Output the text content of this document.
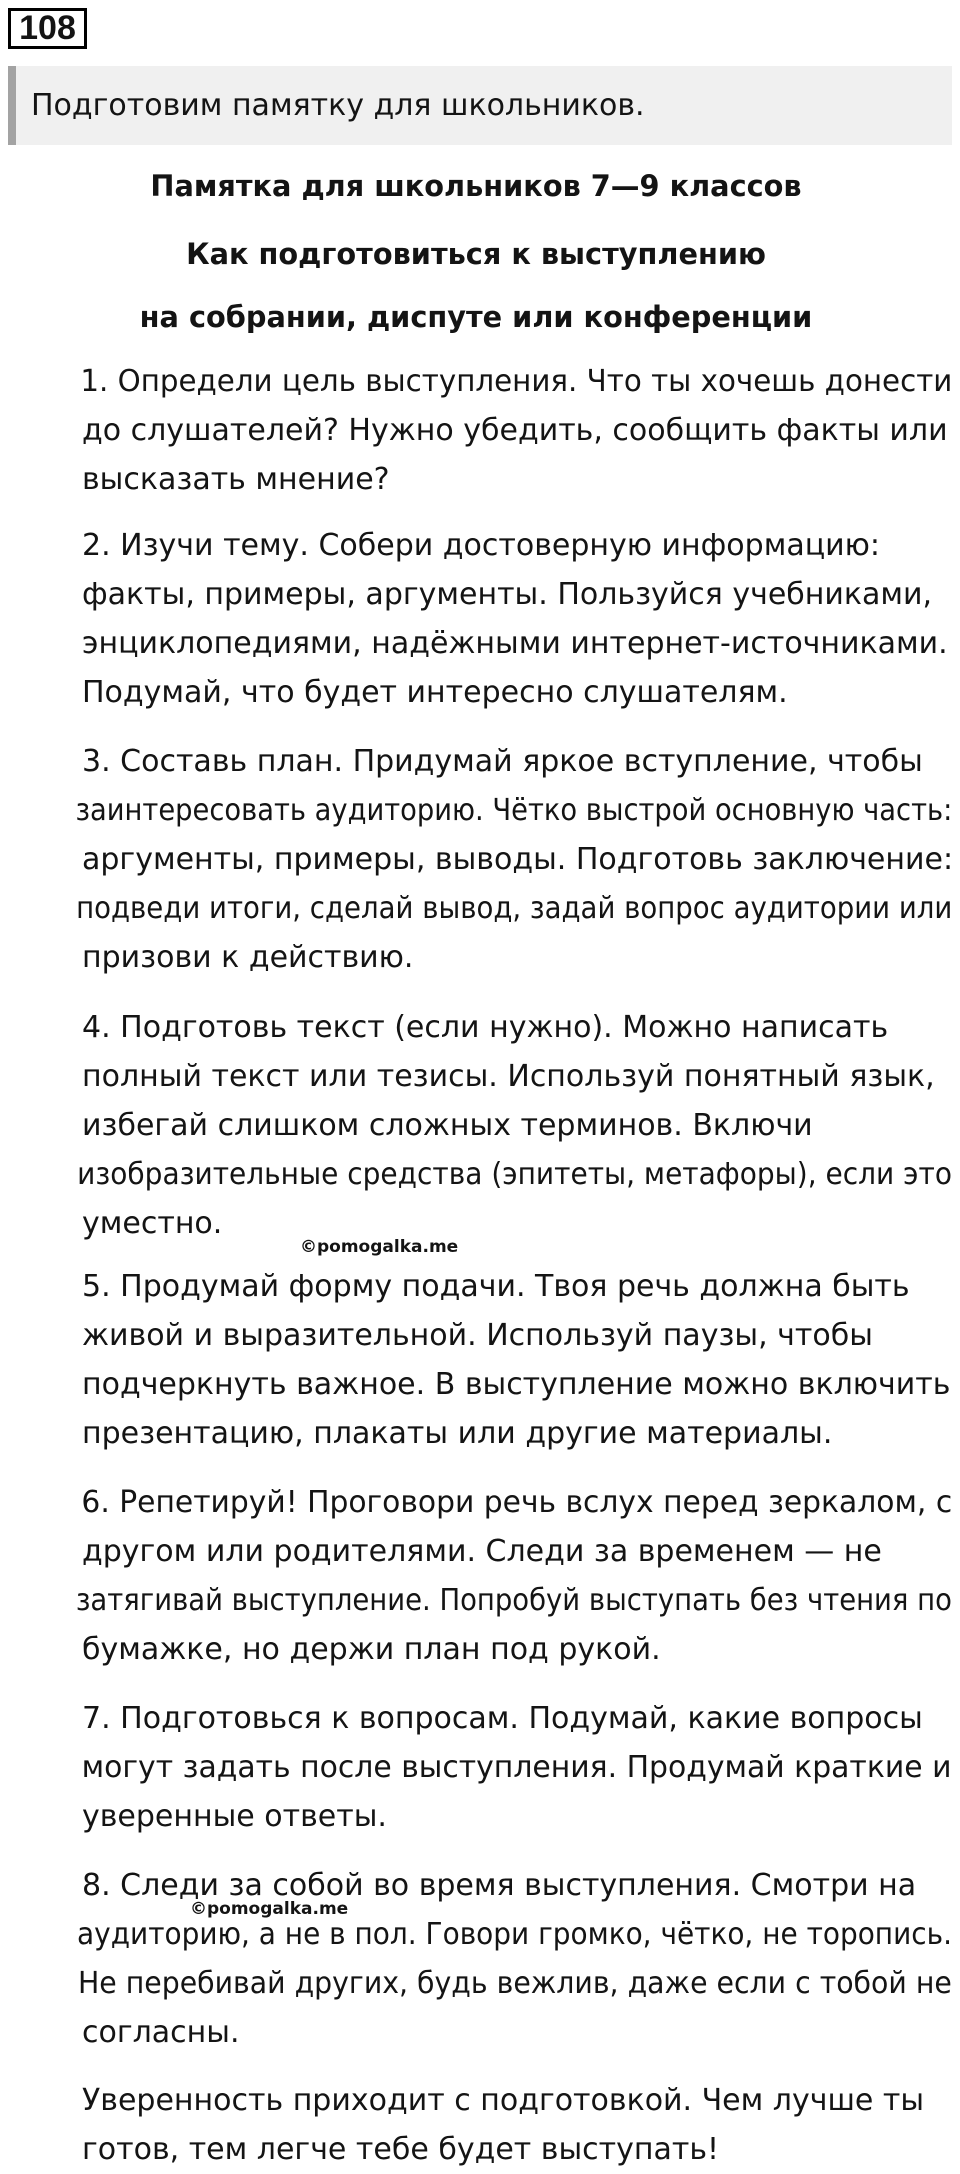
108
Подготовим памятку для школьников.
Памятка для школьников 7—9 классов
Как подготовиться к выступлению
на собрании, диспуте или конференции
1. Определи цель выступления. Что ты хочешь донести
до слушателей? Нужно убедить, сообщить факты или
высказать мнение?
2. Изучи тему. Собери достоверную информацию:
факты, примеры, аргументы. Пользуйся учебниками,
энциклопедиями, надёжными интернет-источниками.
Подумай, что будет интересно слушателям.
3. Составь план. Придумай яркое вступление, чтобы
заинтересовать аудиторию. Чётко выстрой основную часть:
аргументы, примеры, выводы. Подготовь заключение:
подведи итоги, сделай вывод, задай вопрос аудитории или
призови к действию.
4. Подготовь текст (если нужно). Можно написать
полный текст или тезисы. Используй понятный язык,
избегай слишком сложных терминов. Включи
изобразительные средства (эпитеты, метафоры), если это
уместно.
©pomogalka.me
5. Продумай форму подачи. Твоя речь должна быть
живой и выразительной. Используй паузы, чтобы
подчеркнуть важное. В выступление можно включить
презентацию, плакаты или другие материалы.
6. Репетируй! Проговори речь вслух перед зеркалом, с
другом или родителями. Следи за временем — не
затягивай выступление. Попробуй выступать без чтения по
бумажке, но держи план под рукой.
7. Подготовься к вопросам. Подумай, какие вопросы
могут задать после выступления. Продумай краткие и
уверенные ответы.
8. Следи за собой во время выступления. Смотри на
аудиторию, а не в пол. Говори громко, чётко, не торопись.
Не перебивай других, будь вежлив, даже если с тобой не
согласны.
©pomogalka.me
Уверенность приходит с подготовкой. Чем лучше ты
готов, тем легче тебе будет выступать!
